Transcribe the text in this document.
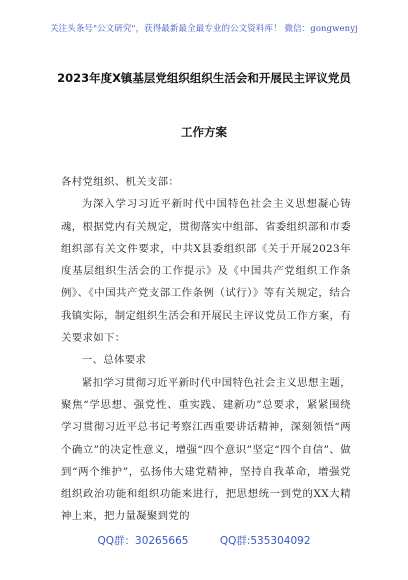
关注头条号"公文研究"，获得最新最全最专业的公文资料库！ 微信：gongwenyj
2023年度X镇基层党组织组织生活会和开展民主评议党员
工作方案

各村党组织、机关支部：

为深入学习习近平新时代中国特色社会主义思想凝心铸魂，根据党内有关规定，贯彻落实中组部、省委组织部和市委组织部有关文件要求，中共X县委组织部《关于开展2023年度基层组织生活会的工作提示》及《中国共产党组织工作条例》、《中国共产党支部工作条例（试行）》等有关规定，结合我镇实际，制定组织生活会和开展民主评议党员工作方案，有关要求如下：

一、总体要求

紧扣学习贯彻习近平新时代中国特色社会主义思想主题，聚焦“学思想、强党性、重实践、建新功”总要求，紧紧围绕学习贯彻习近平总书记考察江西重要讲话精神，深刻领悟“两个确立”的决定性意义，增强“四个意识”坚定“四个自信”、做到“两个维护”，弘扬伟大建党精神，坚持自我革命，增强党组织政治功能和组织功能来进行，把思想统一到党的XX大精神上来，把力量凝聚到党的

QQ群：30265665	QQ群:535304092
